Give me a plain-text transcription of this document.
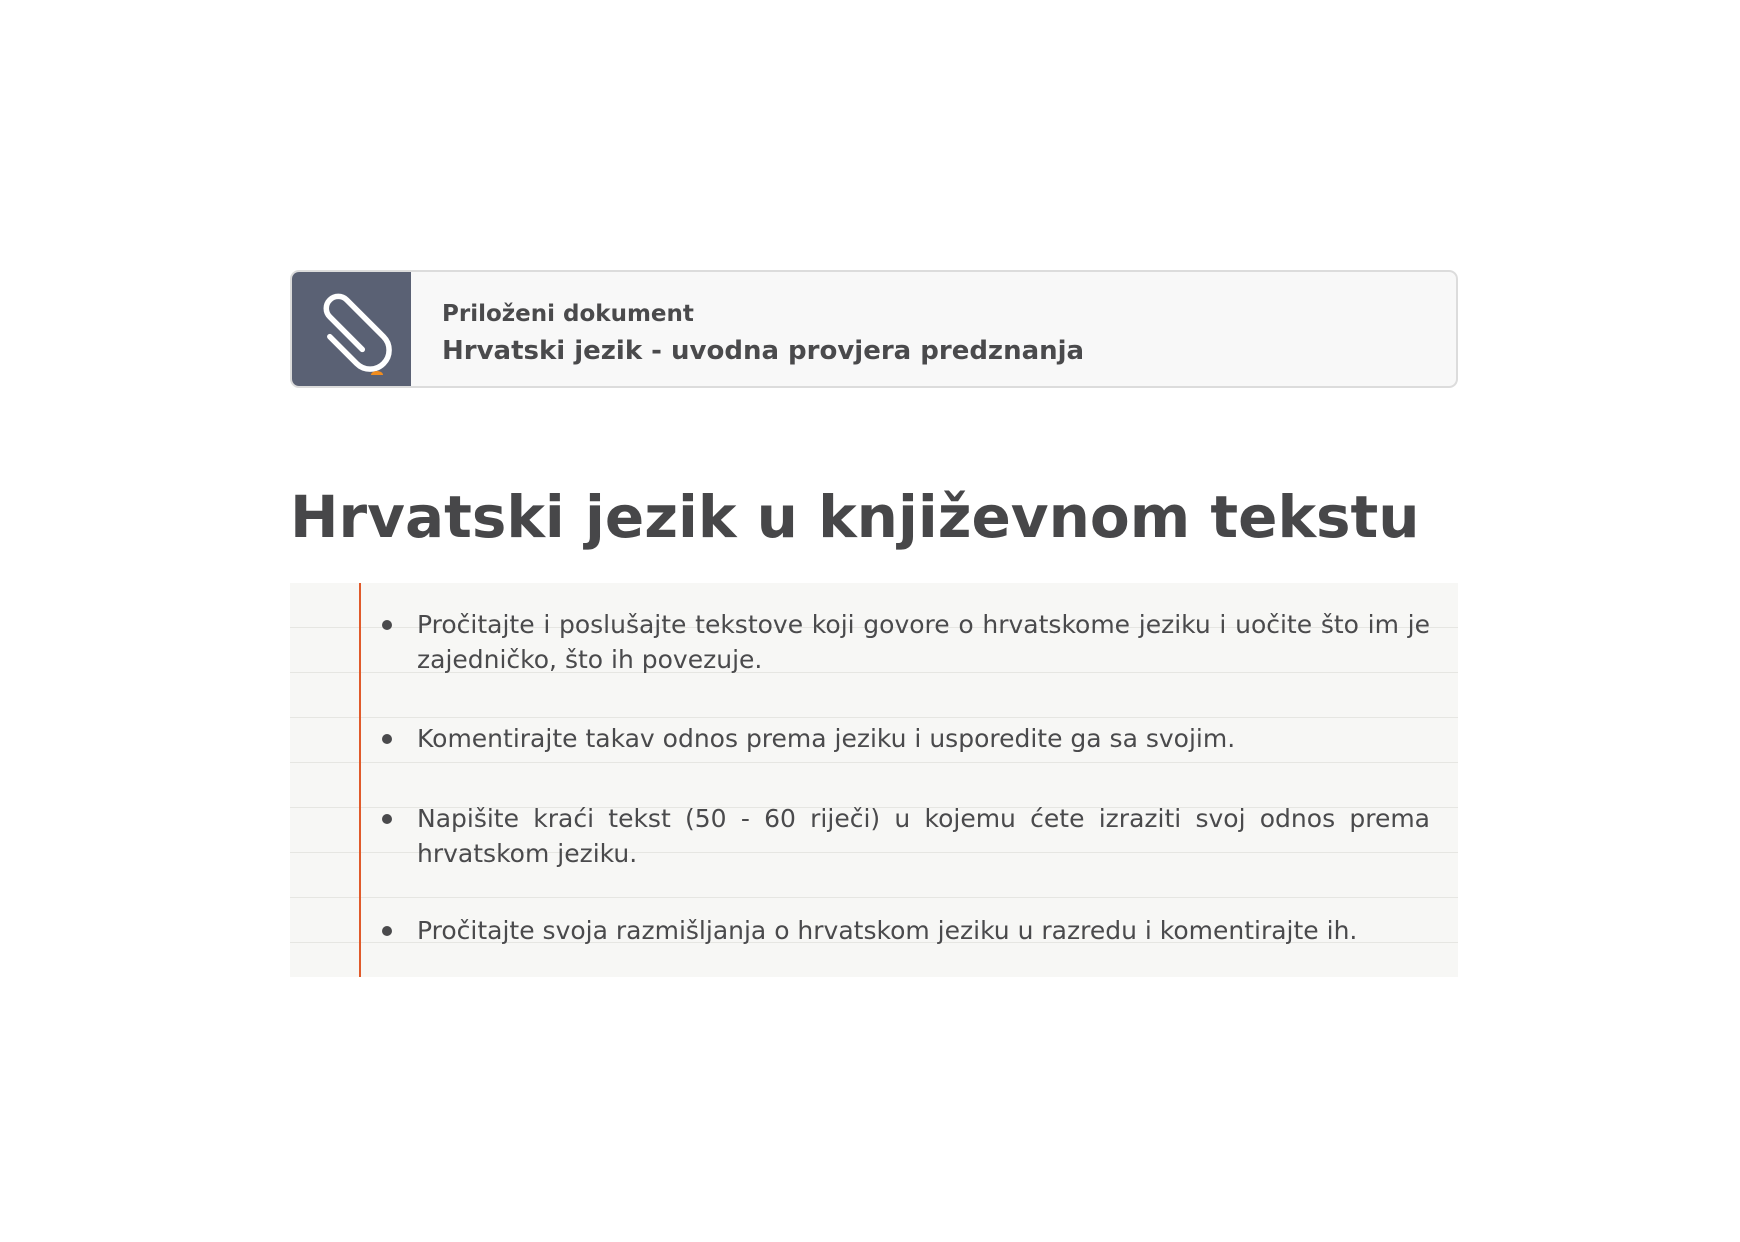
Priloženi dokument
Hrvatski jezik - uvodna provjera predznanja
Hrvatski jezik u književnom tekstu
Pročitajte i poslušajte tekstove koji govore o hrvatskome jeziku i uočite što im je zajedničko, što ih povezuje.
Komentirajte takav odnos prema jeziku i usporedite ga sa svojim.
Napišite kraći tekst (50 - 60 riječi) u kojemu ćete izraziti svoj odnos prema hrvatskom jeziku.
Pročitajte svoja razmišljanja o hrvatskom jeziku u razredu i komentirajte ih.
